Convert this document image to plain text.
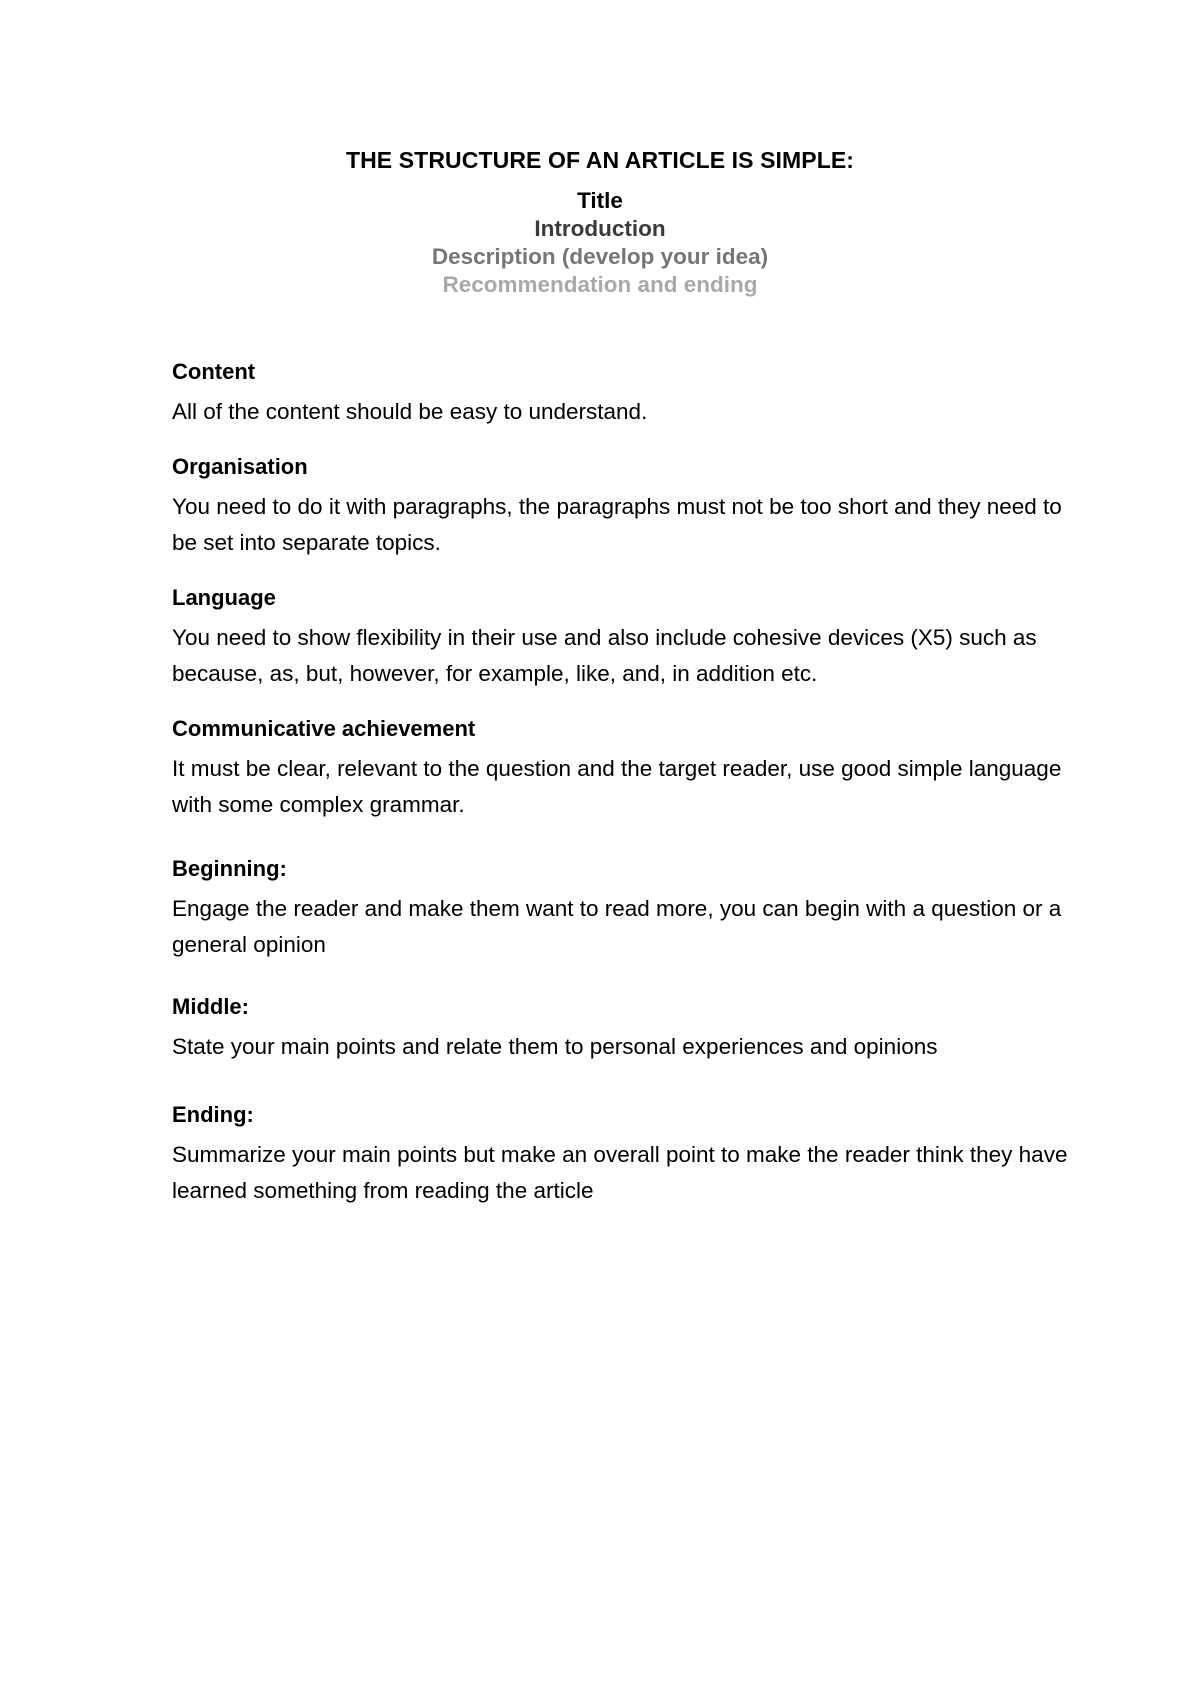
THE STRUCTURE OF AN ARTICLE IS SIMPLE:
Title
Introduction
Description (develop your idea)
Recommendation and ending
Content

All of the content should be easy to understand.

Organisation

You need to do it with paragraphs, the paragraphs must not be too short and they need to be set into separate topics.

Language

You need to show flexibility in their use and also include cohesive devices (X5) such as because, as, but, however, for example, like, and, in addition etc.

Communicative achievement

It must be clear, relevant to the question and the target reader, use good simple language with some complex grammar.

Beginning:

Engage the reader and make them want to read more, you can begin with a question or a general opinion

Middle:

State your main points and relate them to personal experiences and opinions

Ending:

Summarize your main points but make an overall point to make the reader think they have learned something from reading the article
